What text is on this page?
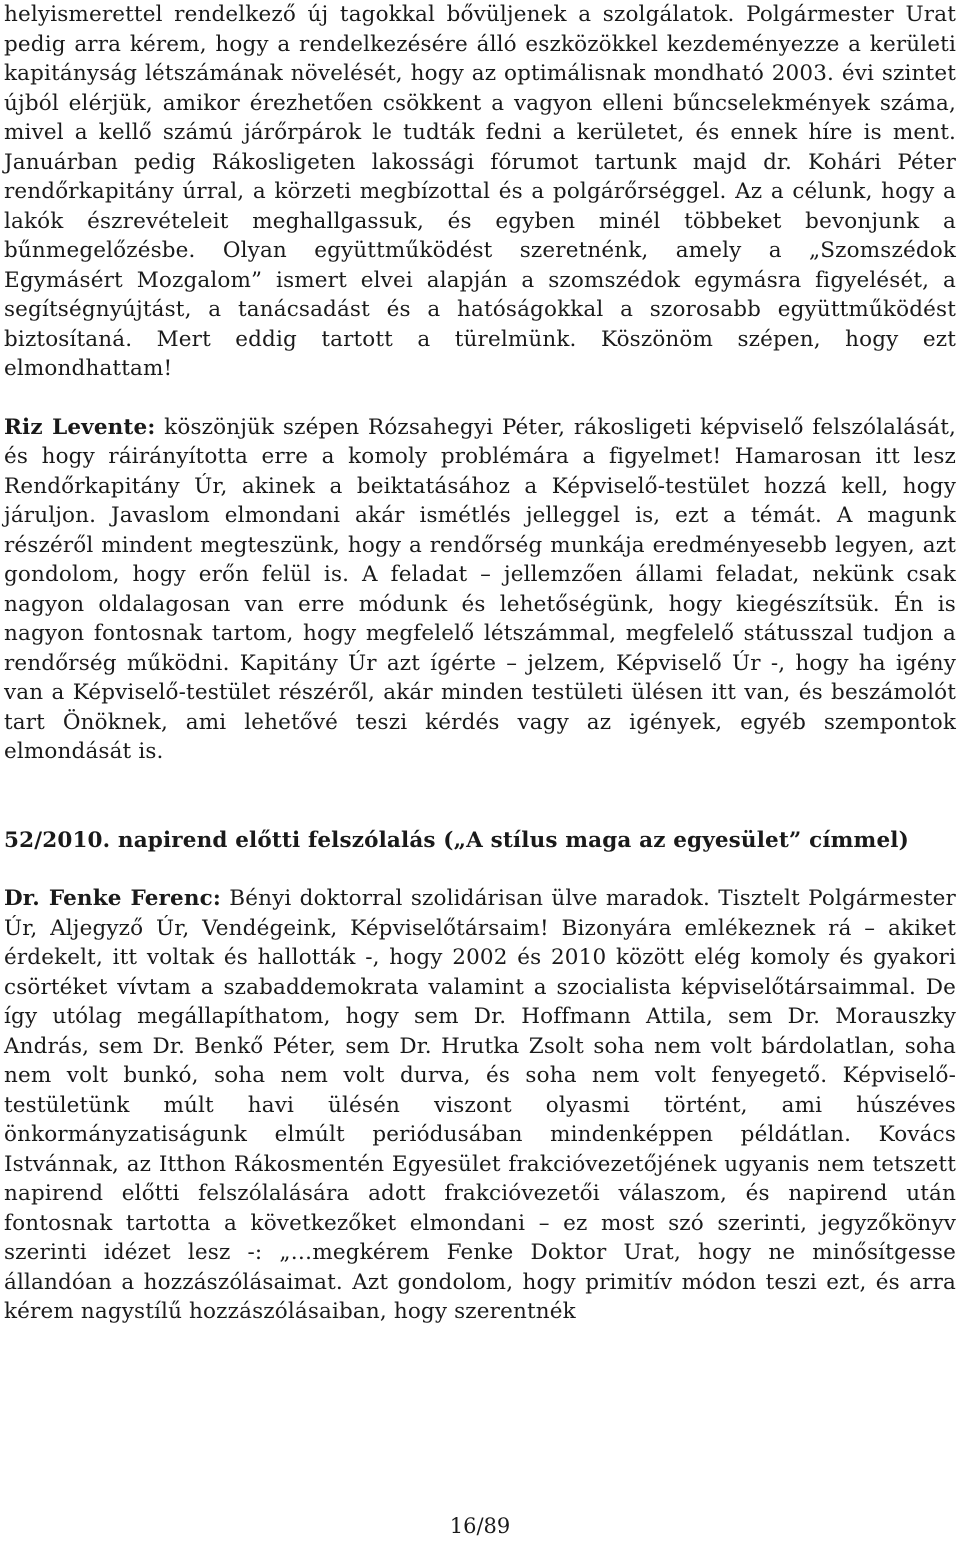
helyismerettel rendelkező új tagokkal bővüljenek a szolgálatok. Polgármester Urat pedig arra kérem, hogy a rendelkezésére álló eszközökkel kezdeményezze a kerületi kapitányság létszámának növelését, hogy az optimálisnak mondható 2003. évi szintet újból elérjük, amikor érezhetően csökkent a vagyon elleni bűncselekmények száma, mivel a kellő számú járőrpárok le tudták fedni a kerületet, és ennek híre is ment. Januárban pedig Rákosligeten lakossági fórumot tartunk majd dr. Kohári Péter rendőrkapitány úrral, a körzeti megbízottal és a polgárőrséggel. Az a célunk, hogy a lakók észrevételeit meghallgassuk, és egyben minél többeket bevonjunk a bűnmegelőzésbe. Olyan együttműködést szeretnénk, amely a „Szomszédok Egymásért Mozgalom” ismert elvei alapján a szomszédok egymásra figyelését, a segítségnyújtást, a tanácsadást és a hatóságokkal a szorosabb együttműködést biztosítaná. Mert eddig tartott a türelmünk. Köszönöm szépen, hogy ezt elmondhattam!

Riz Levente: köszönjük szépen Rózsahegyi Péter, rákosligeti képviselő felszólalását, és hogy ráirányította erre a komoly problémára a figyelmet! Hamarosan itt lesz Rendőrkapitány Úr, akinek a beiktatásához a Képviselő-testület hozzá kell, hogy járuljon. Javaslom elmondani akár ismétlés jelleggel is, ezt a témát. A magunk részéről mindent megteszünk, hogy a rendőrség munkája eredményesebb legyen, azt gondolom, hogy erőn felül is. A feladat – jellemzően állami feladat, nekünk csak nagyon oldalagosan van erre módunk és lehetőségünk, hogy kiegészítsük. Én is nagyon fontosnak tartom, hogy megfelelő létszámmal, megfelelő státusszal tudjon a rendőrség működni. Kapitány Úr azt ígérte – jelzem, Képviselő Úr -, hogy ha igény van a Képviselő-testület részéről, akár minden testületi ülésen itt van, és beszámolót tart Önöknek, ami lehetővé teszi kérdés vagy az igények, egyéb szempontok elmondását is.

52/2010. napirend előtti felszólalás („A stílus maga az egyesület” címmel)

Dr. Fenke Ferenc: Bényi doktorral szolidárisan ülve maradok. Tisztelt Polgármester Úr, Aljegyző Úr, Vendégeink, Képviselőtársaim! Bizonyára emlékeznek rá – akiket érdekelt, itt voltak és hallották -, hogy 2002 és 2010 között elég komoly és gyakori csörtéket vívtam a szabaddemokrata valamint a szocialista képviselőtársaimmal. De így utólag megállapíthatom, hogy sem Dr. Hoffmann Attila, sem Dr. Morauszky András, sem Dr. Benkő Péter, sem Dr. Hrutka Zsolt soha nem volt bárdolatlan, soha nem volt bunkó, soha nem volt durva, és soha nem volt fenyegető. Képviselő-testületünk múlt havi ülésén viszont olyasmi történt, ami húszéves önkormányzatiságunk elmúlt periódusában mindenképpen példátlan. Kovács Istvánnak, az Itthon Rákosmentén Egyesület frakcióvezetőjének ugyanis nem tetszett napirend előtti felszólalására adott frakcióvezetői válaszom, és napirend után fontosnak tartotta a következőket elmondani – ez most szó szerinti, jegyzőkönyv szerinti idézet lesz -: „…megkérem Fenke Doktor Urat, hogy ne minősítgesse állandóan a hozzászólásaimat. Azt gondolom, hogy primitív módon teszi ezt, és arra kérem nagystílű hozzászólásaiban, hogy szerentnék

16/89
